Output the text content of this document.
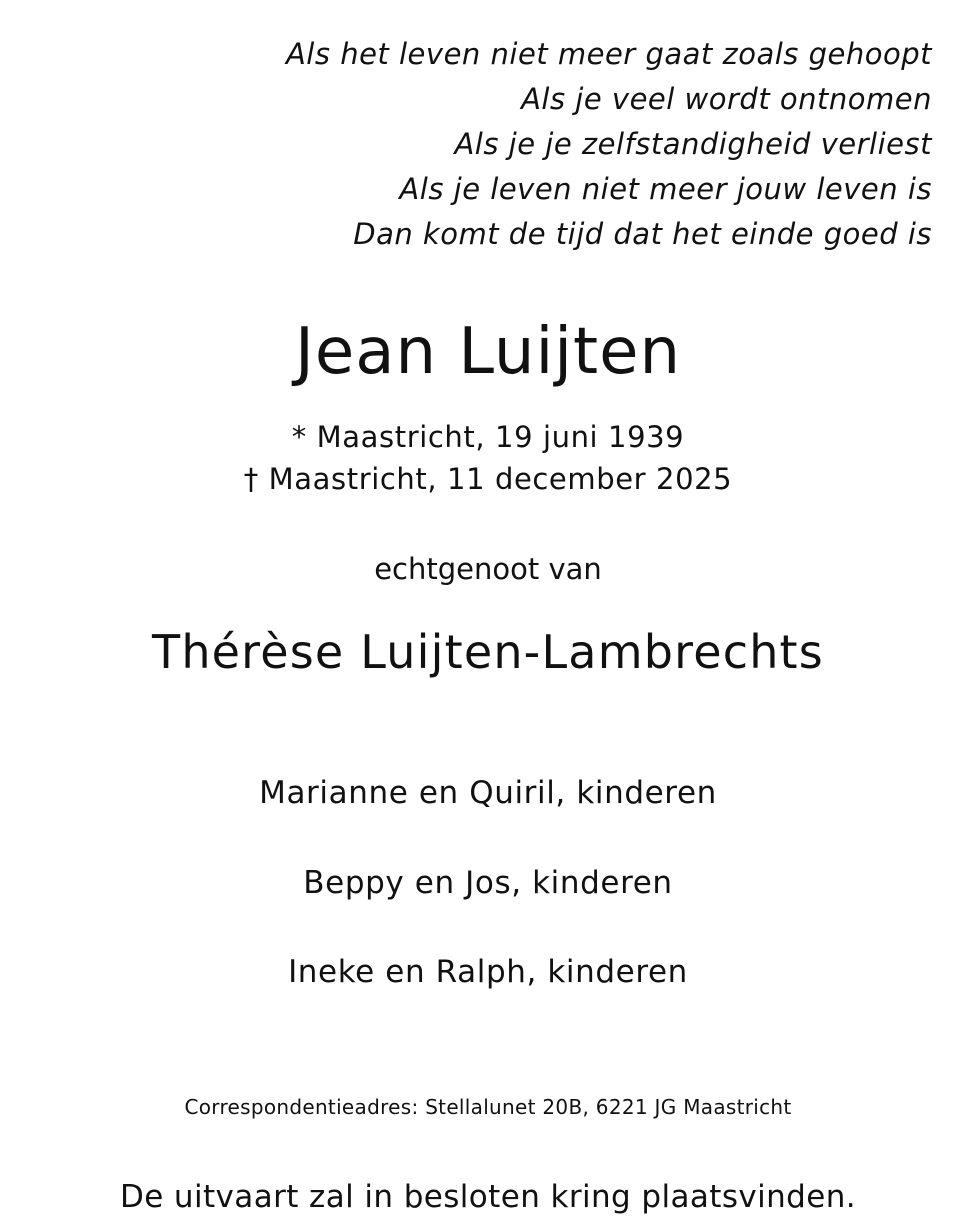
Als het leven niet meer gaat zoals gehoopt
Als je veel wordt ontnomen
Als je je zelfstandigheid verliest
Als je leven niet meer jouw leven is
Dan komt de tijd dat het einde goed is
Jean Luijten
* Maastricht, 19 juni 1939
† Maastricht, 11 december 2025
echtgenoot van
Thérèse Luijten-Lambrechts
Marianne en Quiril, kinderen
Beppy en Jos, kinderen
Ineke en Ralph, kinderen
Correspondentieadres: Stellalunet 20B, 6221 JG Maastricht
De uitvaart zal in besloten kring plaatsvinden.
